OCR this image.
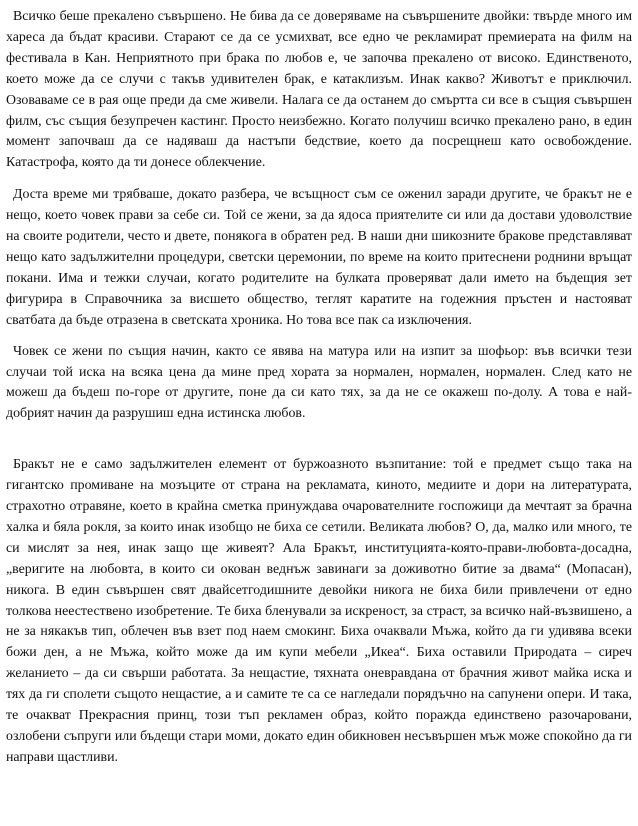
Всичко беше прекалено съвършено. Не бива да се доверяваме на съвършените двойки: твърде много им хареса да бъдат красиви. Старают се да се усмихват, все едно че рекламират премиерата на филм на фестивала в Кан. Неприятното при брака по любов е, че започва прекалено от високо. Единственото, което може да се случи с такъв удивителен брак, е катаклизъм. Инак какво? Животът е приключил. Озоваваме се в рая още преди да сме живели. Налага се да останем до смъртта си все в същия съвършен филм, със същия безупречен кастинг. Просто неизбежно. Когато получиш всичко прекалено рано, в един момент започваш да се надяваш да настъпи бедствие, което да посрещнеш като освобождение. Катастрофа, която да ти донесе облекчение.

Доста време ми трябваше, докато разбера, че всъщност съм се оженил заради другите, че бракът не е нещо, което човек прави за себе си. Той се жени, за да ядоса приятелите си или да достави удоволствие на своите родители, често и двете, понякога в обратен ред. В наши дни шикозните бракове представляват нещо като задължителни процедури, светски церемонии, по време на които притеснени роднини връщат покани. Има и тежки случаи, когато родителите на булката проверяват дали името на бъдещия зет фигурира в Справочника за висшето общество, теглят каратите на годежния пръстен и настояват сватбата да бъде отразена в светската хроника. Но това все пак са изключения.

Човек се жени по същия начин, както се явява на матура или на изпит за шофьор: във всички тези случаи той иска на всяка цена да мине пред хората за нормален, нормален, нормален. След като не можеш да бъдеш по-горе от другите, поне да си като тях, за да не се окажеш по-долу. А това е най-добрият начин да разрушиш една истинска любов.

Бракът не е само задължителен елемент от буржоазното възпитание: той е предмет също така на гигантско промиване на мозъците от страна на рекламата, киното, медиите и дори на литературата, страхотно отравяне, което в крайна сметка принуждава очарователните госпожици да мечтаят за брачна халка и бяла рокля, за които инак изобщо не биха се сетили. Великата любов? О, да, малко или много, те си мислят за нея, инак защо ще живеят? Ала Бракът, институцията-която-прави-любовта-досадна, „веригите на любовта, в които си окован веднъж завинаги за доживотно битие за двама“ (Мопасан), никога. В един съвършен свят двайсетгодишните девойки никога не биха били привлечени от едно толкова неестествено изобретение. Те биха бленували за искреност, за страст, за всичко най-възвишено, а не за някакъв тип, облечен във взет под наем смокинг. Биха очаквали Мъжа, който да ги удивява всеки божи ден, а не Мъжа, който може да им купи мебели „Икеа“. Биха оставили Природата – сиреч желанието – да си свърши работата. За нещастие, тяхната оневравдана от брачния живот майка иска и тях да ги сполети същото нещастие, а и самите те са се нагледали порядъчно на сапунени опери. И така, те очакват Прекрасния принц, този тъп рекламен образ, който поражда единствено разочаровани, озлобени съпруги или бъдещи стари моми, докато един обикновен несъвършен мъж може спокойно да ги направи щастливи.
